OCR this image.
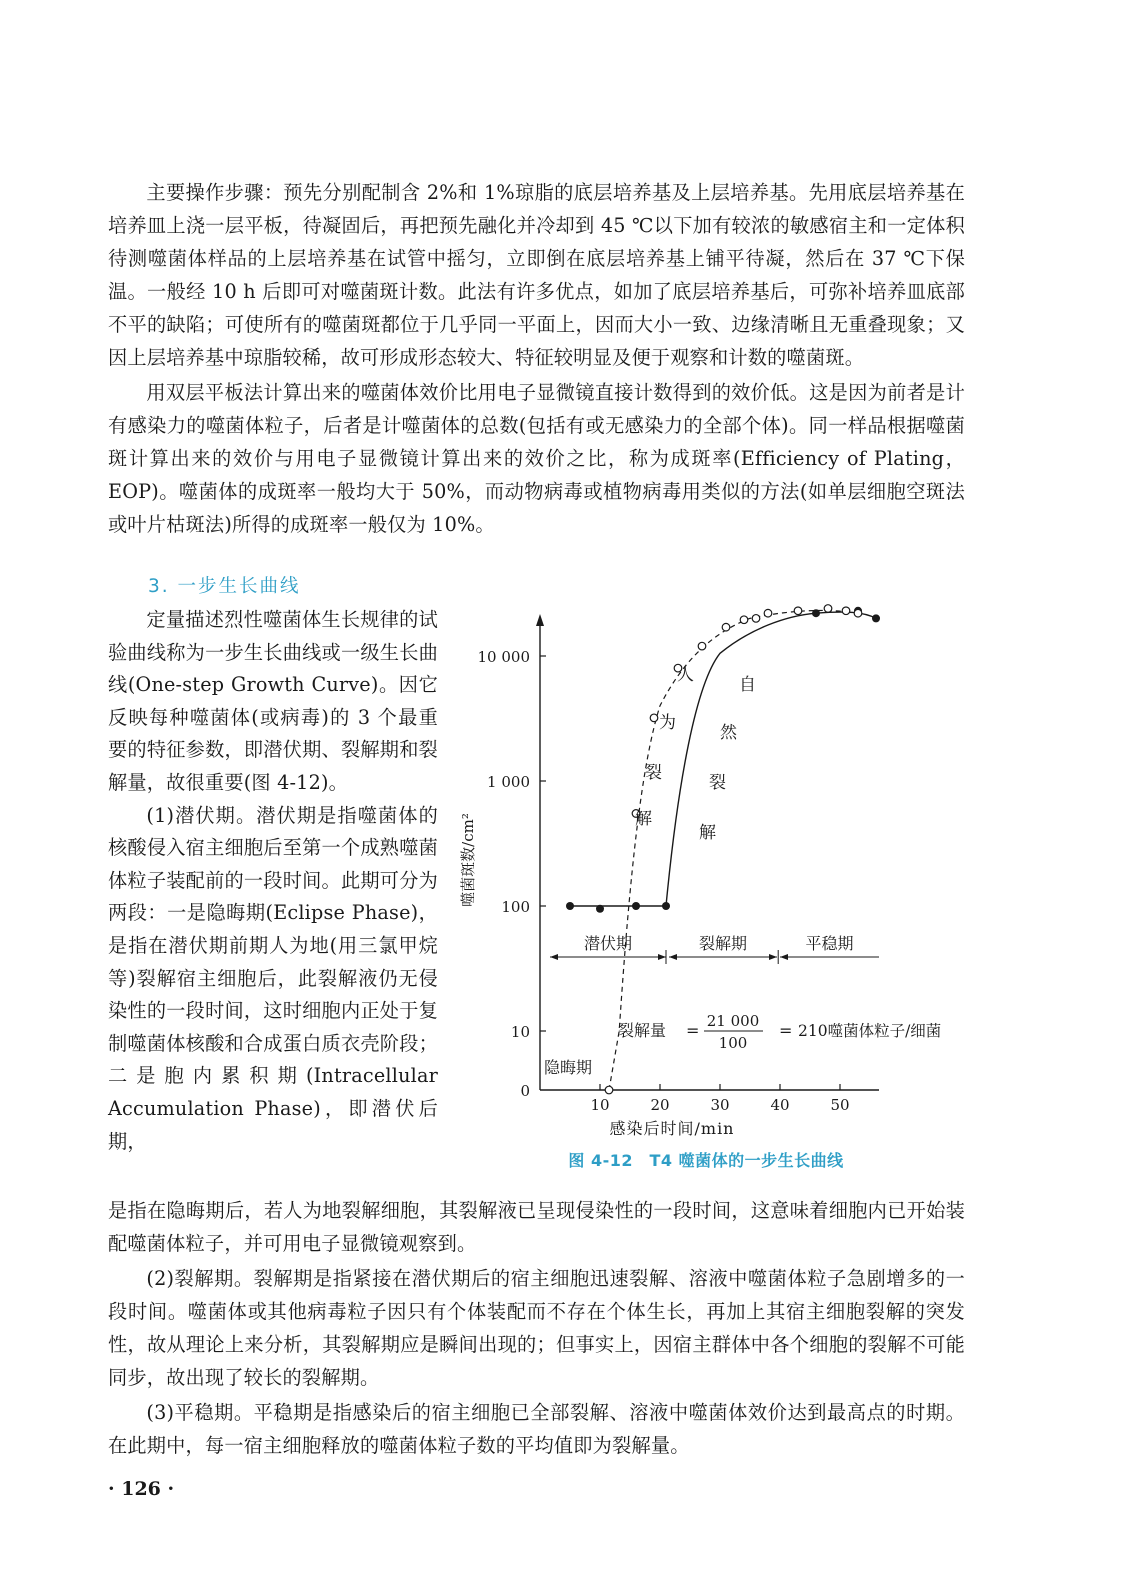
主要操作步骤：预先分别配制含 2%和 1%琼脂的底层培养基及上层培养基。先用底层培养基在培养皿上浇一层平板，待凝固后，再把预先融化并冷却到 45 ℃以下加有较浓的敏感宿主和一定体积待测噬菌体样品的上层培养基在试管中摇匀，立即倒在底层培养基上铺平待凝，然后在 37 ℃下保温。一般经 10 h 后即可对噬菌斑计数。此法有许多优点，如加了底层培养基后，可弥补培养皿底部不平的缺陷；可使所有的噬菌斑都位于几乎同一平面上，因而大小一致、边缘清晰且无重叠现象；又因上层培养基中琼脂较稀，故可形成形态较大、特征较明显及便于观察和计数的噬菌斑。

用双层平板法计算出来的噬菌体效价比用电子显微镜直接计数得到的效价低。这是因为前者是计有感染力的噬菌体粒子，后者是计噬菌体的总数(包括有或无感染力的全部个体)。同一样品根据噬菌斑计算出来的效价与用电子显微镜计算出来的效价之比，称为成斑率(Efficiency of Plating，EOP)。噬菌体的成斑率一般均大于 50%，而动物病毒或植物病毒用类似的方法(如单层细胞空斑法或叶片枯斑法)所得的成斑率一般仅为 10%。

3. 一步生长曲线

定量描述烈性噬菌体生长规律的试验曲线称为一步生长曲线或一级生长曲线(One-step Growth Curve)。因它反映每种噬菌体(或病毒)的 3 个最重要的特征参数，即潜伏期、裂解期和裂解量，故很重要(图 4-12)。

(1)潜伏期。潜伏期是指噬菌体的核酸侵入宿主细胞后至第一个成熟噬菌体粒子装配前的一段时间。此期可分为两段：一是隐晦期(Eclipse Phase)，是指在潜伏期前期人为地(用三氯甲烷等)裂解宿主细胞后，此裂解液仍无侵染性的一段时间，这时细胞内正处于复制噬菌体核酸和合成蛋白质衣壳阶段；二是胞内累积期(Intracellular Accumulation Phase)，即潜伏后期，

0
10
100
1 000
10 000
10	20	30	40	50
感染后时间/min
噬菌斑数/cm²
人
为
裂
解
自
然
裂
解
潜伏期	裂解期	平稳期
隐晦期
裂解量 = 21 000
100
= 210噬菌体粒子/细菌
图 4-12　T4 噬菌体的一步生长曲线

是指在隐晦期后，若人为地裂解细胞，其裂解液已呈现侵染性的一段时间，这意味着细胞内已开始装配噬菌体粒子，并可用电子显微镜观察到。

(2)裂解期。裂解期是指紧接在潜伏期后的宿主细胞迅速裂解、溶液中噬菌体粒子急剧增多的一段时间。噬菌体或其他病毒粒子因只有个体装配而不存在个体生长，再加上其宿主细胞裂解的突发性，故从理论上来分析，其裂解期应是瞬间出现的；但事实上，因宿主群体中各个细胞的裂解不可能同步，故出现了较长的裂解期。

(3)平稳期。平稳期是指感染后的宿主细胞已全部裂解、溶液中噬菌体效价达到最高点的时期。在此期中，每一宿主细胞释放的噬菌体粒子数的平均值即为裂解量。

· 126 ·
